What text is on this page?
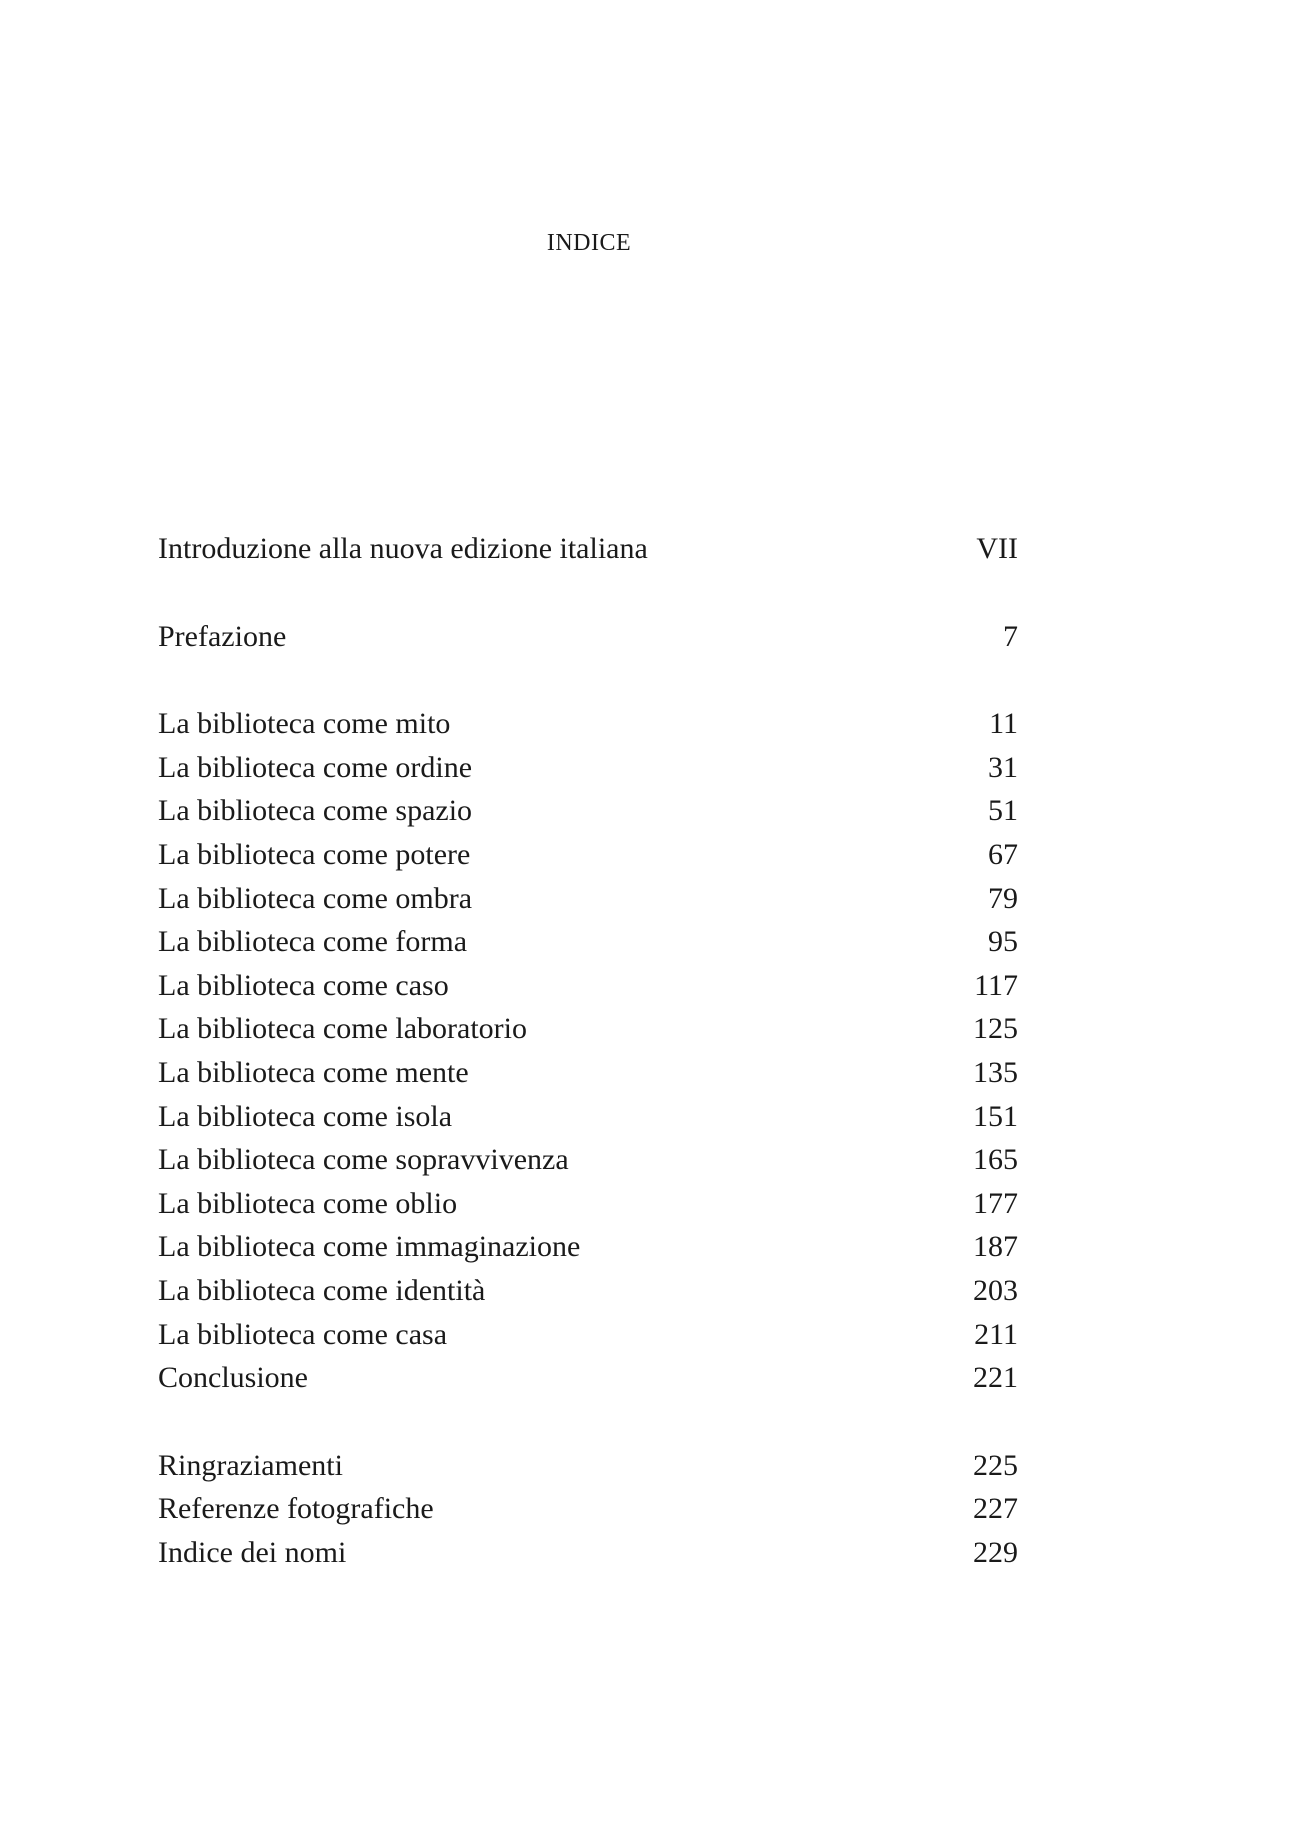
INDICE
Introduzione alla nuova edizione italiana	VII
Prefazione	7
La biblioteca come mito	11
La biblioteca come ordine	31
La biblioteca come spazio	51
La biblioteca come potere	67
La biblioteca come ombra	79
La biblioteca come forma	95
La biblioteca come caso	117
La biblioteca come laboratorio	125
La biblioteca come mente	135
La biblioteca come isola	151
La biblioteca come sopravvivenza	165
La biblioteca come oblio	177
La biblioteca come immaginazione	187
La biblioteca come identità	203
La biblioteca come casa	211
Conclusione	221
Ringraziamenti	225
Referenze fotografiche	227
Indice dei nomi	229
